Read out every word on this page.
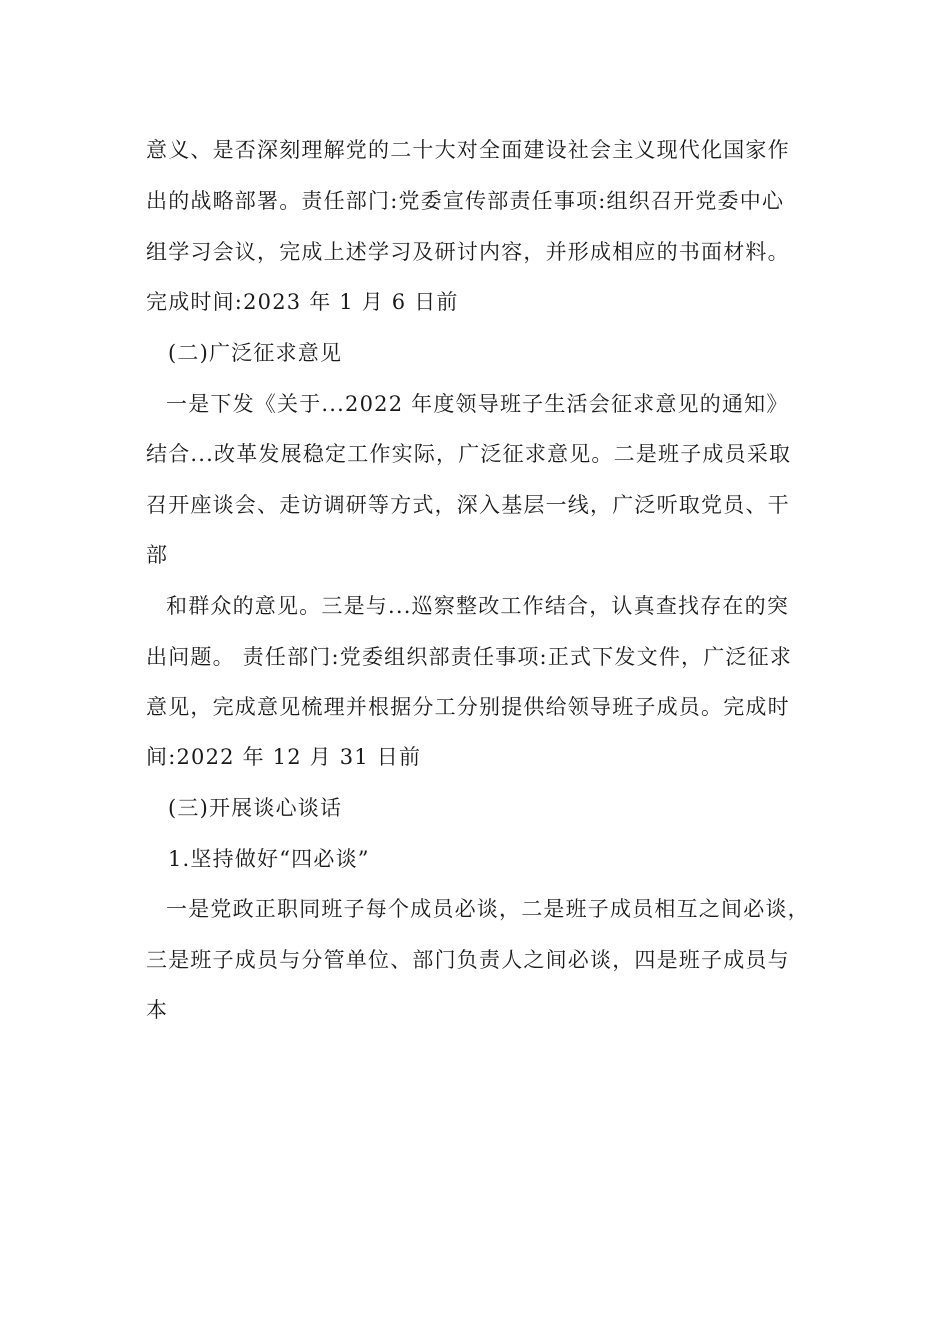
意义、是否深刻理解党的二十大对全面建设社会主义现代化国家作

出的战略部署。责任部门:党委宣传部责任事项:组织召开党委中心

组学习会议，完成上述学习及研讨内容，并形成相应的书面材料。

完成时间:2023 年 1 月 6 日前

(二)广泛征求意见

一是下发《关于...2022 年度领导班子生活会征求意见的通知》

结合...改革发展稳定工作实际，广泛征求意见。二是班子成员采取

召开座谈会、走访调研等方式，深入基层一线，广泛听取党员、干

部

和群众的意见。三是与...巡察整改工作结合，认真查找存在的突

出问题。 责任部门:党委组织部责任事项:正式下发文件，广泛征求

意见，完成意见梳理并根据分工分别提供给领导班子成员。完成时

间:2022 年 12 月 31 日前

(三)开展谈心谈话

1.坚持做好“四必谈”

一是党政正职同班子每个成员必谈，二是班子成员相互之间必谈，

三是班子成员与分管单位、部门负责人之间必谈，四是班子成员与

本
